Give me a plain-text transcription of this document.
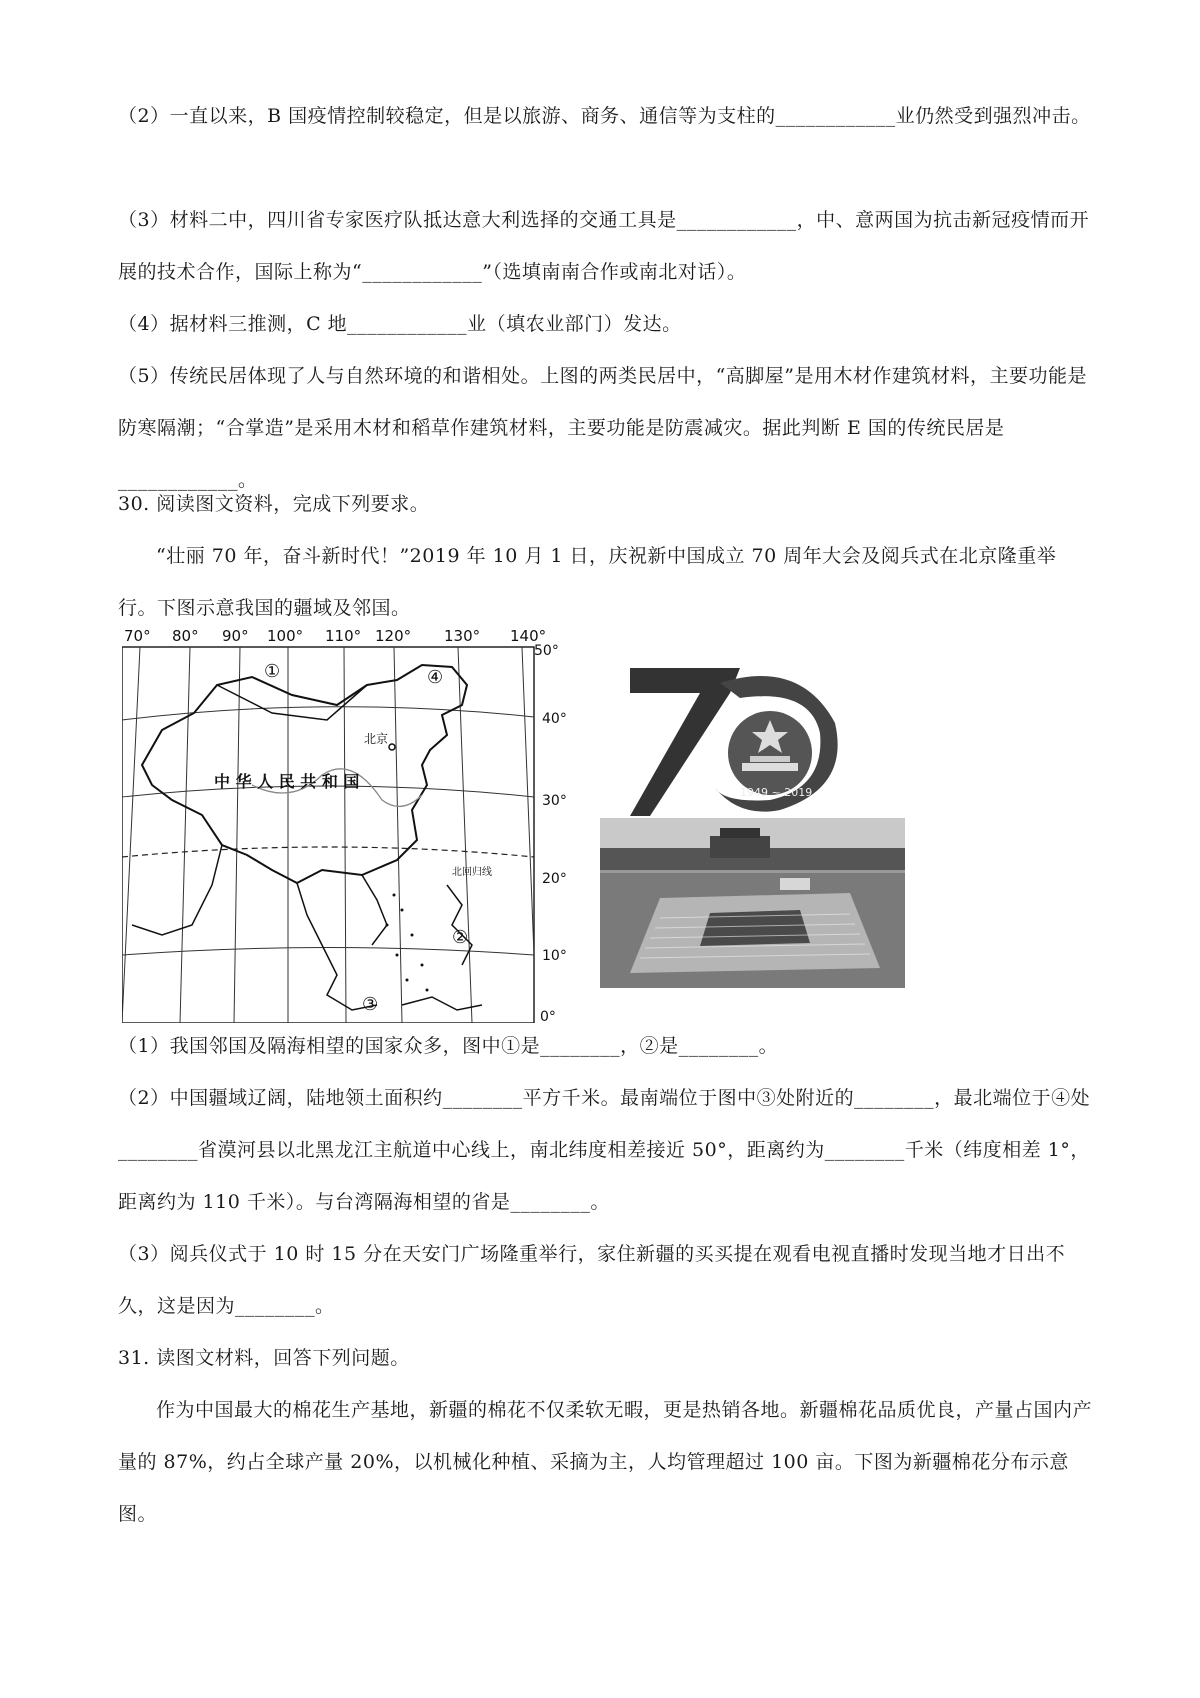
（2）一直以来，B 国疫情控制较稳定，但是以旅游、商务、通信等为支柱的____________业仍然受到强烈冲击。

（3）材料二中，四川省专家医疗队抵达意大利选择的交通工具是____________，中、意两国为抗击新冠疫情而开展的技术合作，国际上称为“____________”（选填南南合作或南北对话）。

（4）据材料三推测，C 地____________业（填农业部门）发达。

（5）传统民居体现了人与自然环境的和谐相处。上图的两类民居中，“高脚屋”是用木材作建筑材料，主要功能是防寒隔潮；“合掌造”是采用木材和稻草作建筑材料，主要功能是防震减灾。据此判断 E 国的传统民居是____________。

30. 阅读图文资料，完成下列要求。

“壮丽 70 年，奋斗新时代！”2019 年 10 月 1 日，庆祝新中国成立 70 周年大会及阅兵式在北京隆重举行。下图示意我国的疆域及邻国。

70° 80° 90° 100° 110° 120° 130° 140°
50°
40°
30°
20°
10°
0°
北回归线
中 华 人 民 共 和 国
北京
①
②
③
④
1949 ~ 2019

（1）我国邻国及隔海相望的国家众多，图中①是________，②是________。

（2）中国疆域辽阔，陆地领土面积约________平方千米。最南端位于图中③处附近的________，最北端位于④处________省漠河县以北黑龙江主航道中心线上，南北纬度相差接近 50°，距离约为________千米（纬度相差 1°，距离约为 110 千米）。与台湾隔海相望的省是________。

（3）阅兵仪式于 10 时 15 分在天安门广场隆重举行，家住新疆的买买提在观看电视直播时发现当地才日出不久，这是因为________。

31. 读图文材料，回答下列问题。

作为中国最大的棉花生产基地，新疆的棉花不仅柔软无暇，更是热销各地。新疆棉花品质优良，产量占国内产量的 87%，约占全球产量 20%，以机械化种植、采摘为主，人均管理超过 100 亩。下图为新疆棉花分布示意图。
